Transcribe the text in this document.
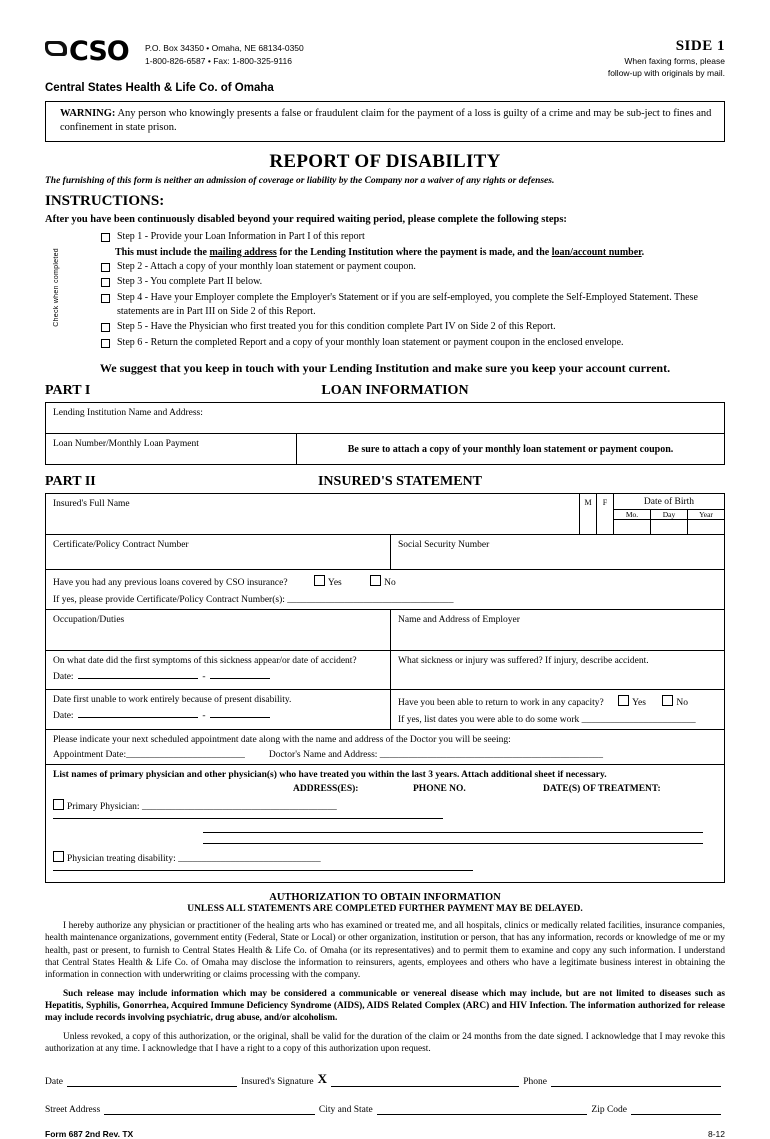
CSO P.O. Box 34350 • Omaha, NE 68134-0350
1-800-826-6587 • Fax: 1-800-325-9116
SIDE 1
When faxing forms, please
follow-up with originals by mail.
Central States Health & Life Co. of Omaha
WARNING: Any person who knowingly presents a false or fraudulent claim for the payment of a loss is guilty of a crime and may be sub-ject to fines and confinement in state prison.
REPORT OF DISABILITY
The furnishing of this form is neither an admission of coverage or liability by the Company nor a waiver of any rights or defenses.
INSTRUCTIONS:
After you have been continuously disabled beyond your required waiting period, please complete the following steps:
Check when completed
Step 1 - Provide your Loan Information in Part I of this report
This must include the mailing address for the Lending Institution where the payment is made, and the loan/account number.
Step 2 - Attach a copy of your monthly loan statement or payment coupon.
Step 3 - You complete Part II below.
Step 4 - Have your Employer complete the Employer's Statement or if you are self-employed, you complete the Self-Employed Statement. These statements are in Part III on Side 2 of this Report.
Step 5 - Have the Physician who first treated you for this condition complete Part IV on Side 2 of this Report.
Step 6 - Return the completed Report and a copy of your monthly loan statement or payment coupon in the enclosed envelope.
We suggest that you keep in touch with your Lending Institution and make sure you keep your account current.
PART I	LOAN INFORMATION
Lending Institution Name and Address:
Loan Number/Monthly Loan Payment	Be sure to attach a copy of your monthly loan statement or payment coupon.
PART II	INSURED'S STATEMENT
Insured's Full Name	M	F	Date of Birth
Mo.	Day	Year
Certificate/Policy Contract Number	Social Security Number
Have you had any previous loans covered by CSO insurance?	Yes	No
If yes, please provide Certificate/Policy Contract Number(s): ___________________________________
Occupation/Duties	Name and Address of Employer
On what date did the first symptoms of this sickness appear/or date of accident?
Date:	-
What sickness or injury was suffered? If injury, describe accident.
Date first unable to work entirely because of present disability.
Date:	-
Have you been able to return to work in any capacity?	Yes	No
If yes, list dates you were able to do some work ________________________
Please indicate your next scheduled appointment date along with the name and address of the Doctor you will be seeing:
Appointment Date:_________________________	Doctor's Name and Address: _______________________________________________
List names of primary physician and other physician(s) who have treated you within the last 3 years. Attach additional sheet if necessary.
ADDRESS(ES):	PHONE NO.	DATE(S) OF TREATMENT:
Primary Physician: _________________________________________
Physician treating disability: ______________________________
AUTHORIZATION TO OBTAIN INFORMATION
UNLESS ALL STATEMENTS ARE COMPLETED FURTHER PAYMENT MAY BE DELAYED.
I hereby authorize any physician or practitioner of the healing arts who has examined or treated me, and all hospitals, clinics or medically related facilities, insurance companies, health maintenance organizations, government entity (Federal, State or Local) or other organization, institution or person, that has any information, records or knowledge of me or my health, past or present, to furnish to Central States Health & Life Co. of Omaha (or its representatives) and to permit them to examine and copy any such information. I understand that Central States Health & Life Co. of Omaha may disclose the information to reinsurers, agents, employees and others who have a legitimate business interest in obtaining the information in connection with underwriting or claims processing with the company.
Such release may include information which may be considered a communicable or venereal disease which may include, but are not limited to diseases such as Hepatitis, Syphilis, Gonorrhea, Acquired Immune Deficiency Syndrome (AIDS), AIDS Related Complex (ARC) and HIV Infection. The information authorized for release may include records involving psychiatric, drug abuse, and/or alcoholism.
Unless revoked, a copy of this authorization, or the original, shall be valid for the duration of the claim or 24 months from the date signed. I acknowledge that I may revoke this authorization at any time. I acknowledge that I have a right to a copy of this authorization upon request.
Date	Insured's Signature X	Phone
Street Address	City and State	Zip Code
Form 687 2nd Rev. TX	8-12
